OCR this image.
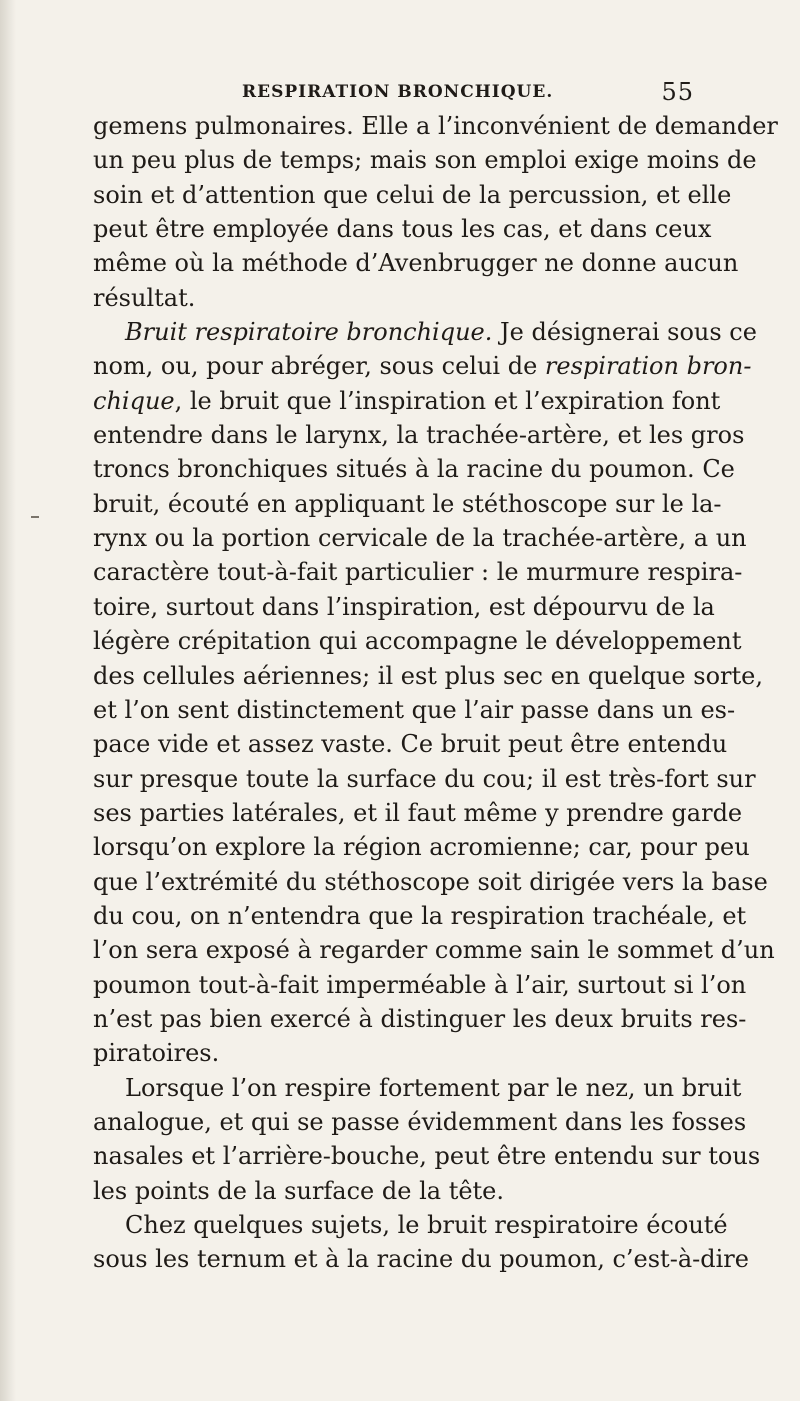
RESPIRATION BRONCHIQUE.	55
gemens pulmonaires. Elle a l’inconvénient de demander
un peu plus de temps; mais son emploi exige moins de
soin et d’attention que celui de la percussion, et elle
peut être employée dans tous les cas, et dans ceux
même où la méthode d’Avenbrugger ne donne aucun
résultat.
Bruit respiratoire bronchique. Je désignerai sous ce
nom, ou, pour abréger, sous celui de respiration bron-
chique, le bruit que l’inspiration et l’expiration font
entendre dans le larynx, la trachée-artère, et les gros
troncs bronchiques situés à la racine du poumon. Ce
bruit, écouté en appliquant le stéthoscope sur le la-
rynx ou la portion cervicale de la trachée-artère, a un
caractère tout-à-fait particulier : le murmure respira-
toire, surtout dans l’inspiration, est dépourvu de la
légère crépitation qui accompagne le développement
des cellules aériennes; il est plus sec en quelque sorte,
et l’on sent distinctement que l’air passe dans un es-
pace vide et assez vaste. Ce bruit peut être entendu
sur presque toute la surface du cou; il est très-fort sur
ses parties latérales, et il faut même y prendre garde
lorsqu’on explore la région acromienne; car, pour peu
que l’extrémité du stéthoscope soit dirigée vers la base
du cou, on n’entendra que la respiration trachéale, et
l’on sera exposé à regarder comme sain le sommet d’un
poumon tout-à-fait imperméable à l’air, surtout si l’on
n’est pas bien exercé à distinguer les deux bruits res-
piratoires.
Lorsque l’on respire fortement par le nez, un bruit
analogue, et qui se passe évidemment dans les fosses
nasales et l’arrière-bouche, peut être entendu sur tous
les points de la surface de la tête.
Chez quelques sujets, le bruit respiratoire écouté
sous les ternum et à la racine du poumon, c’est-à-dire
